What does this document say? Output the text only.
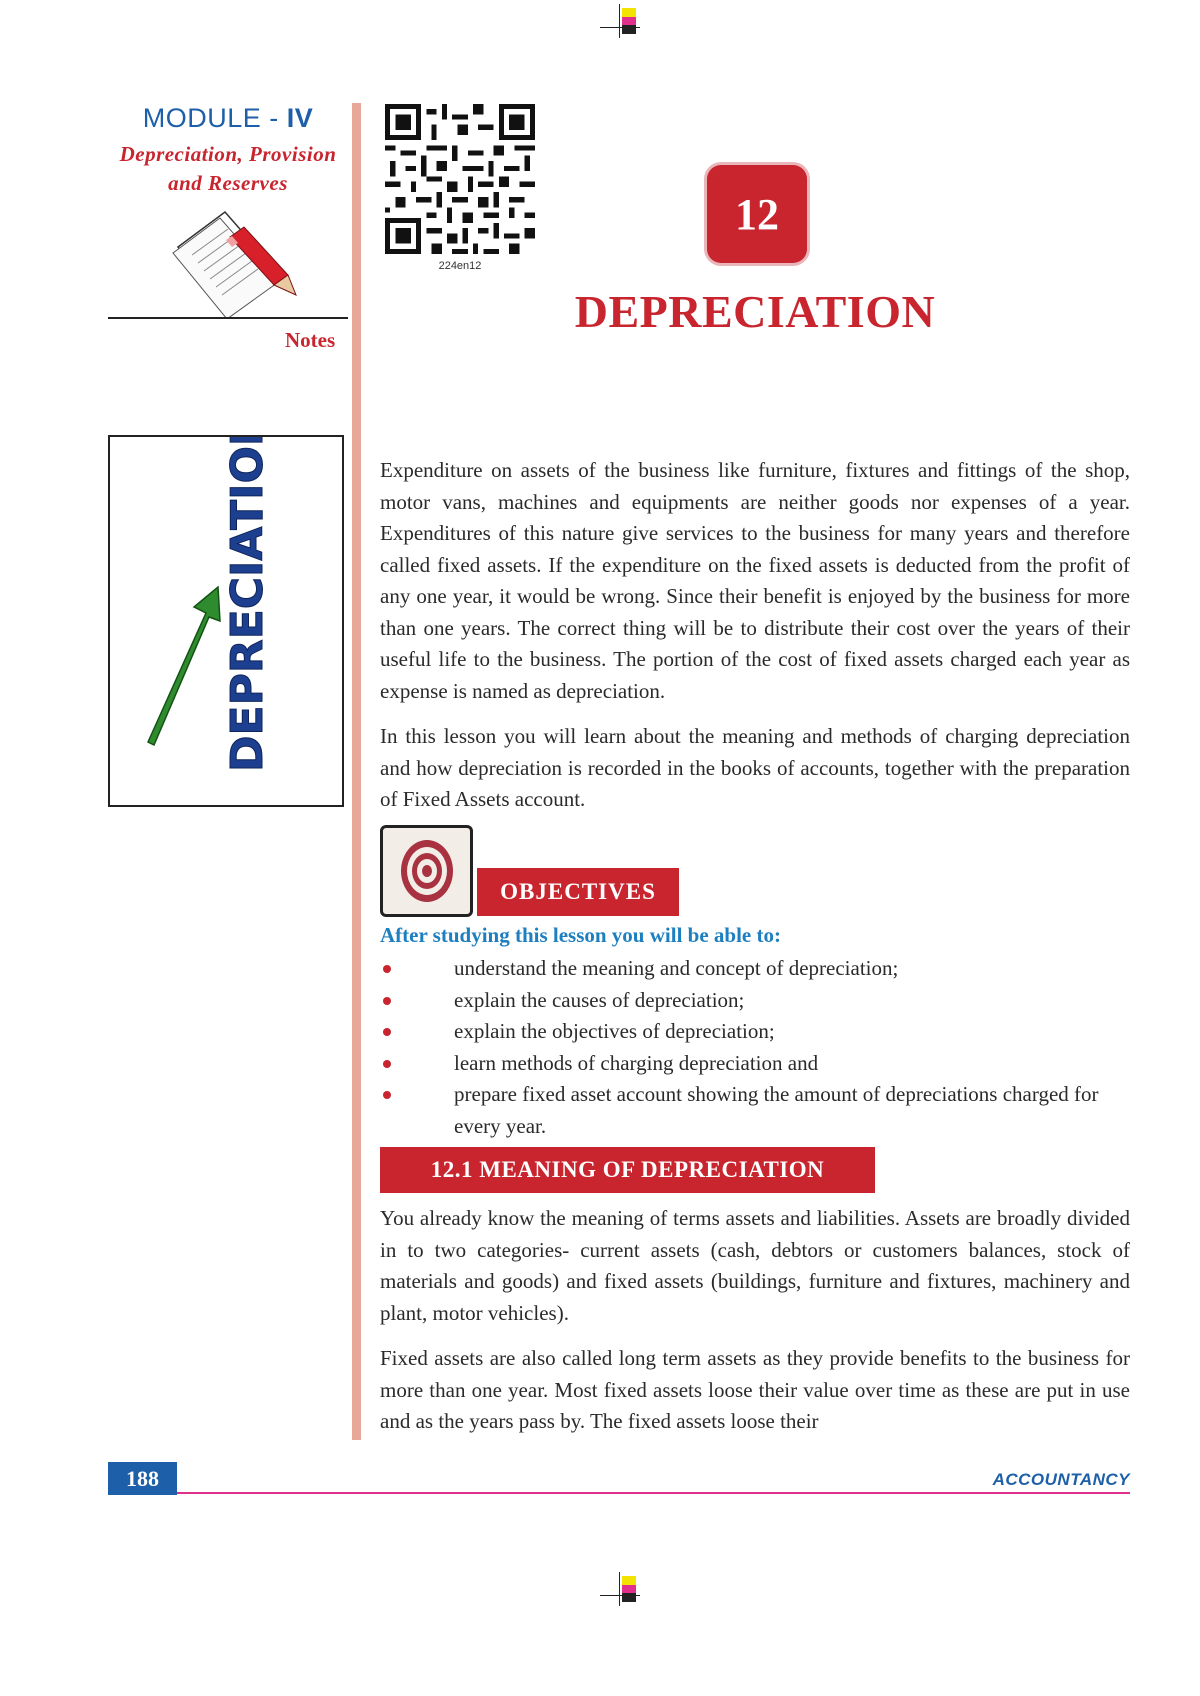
MODULE - IV
Depreciation, Provision
and Reserves
Notes
DEPRECIATION
224en12
12
DEPRECIATION

Expenditure on assets of the business like furniture, fixtures and fittings of the shop, motor vans, machines and equipments are neither goods nor expenses of a year. Expenditures of this nature give services to the business for many years and therefore called fixed assets. If the expenditure on the fixed assets is deducted from the profit of any one year, it would be wrong. Since their benefit is enjoyed by the business for more than one years. The correct thing will be to distribute their cost over the years of their useful life to the business. The portion of the cost of fixed assets charged each year as expense is named as depreciation.

In this lesson you will learn about the meaning and methods of charging depreciation and how depreciation is recorded in the books of accounts, together with the preparation of Fixed Assets account.

OBJECTIVES
After studying this lesson you will be able to:
understand the meaning and concept of depreciation;
explain the causes of depreciation;
explain the objectives of depreciation;
learn methods of charging depreciation and
prepare fixed asset account showing the amount of depreciations charged for every year.
12.1 MEANING OF DEPRECIATION

You already know the meaning of terms assets and liabilities. Assets are broadly divided in to two categories- current assets (cash, debtors or customers balances, stock of materials and goods) and fixed assets (buildings, furniture and fixtures, machinery and plant, motor vehicles).

Fixed assets are also called long term assets as they provide benefits to the business for more than one year. Most fixed assets loose their value over time as these are put in use and as the years pass by. The fixed assets loose their

188	ACCOUNTANCY
